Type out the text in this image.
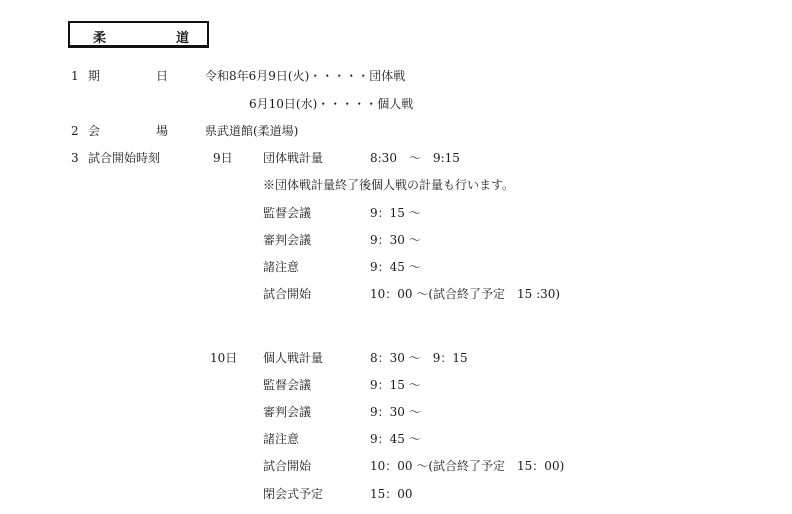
柔	道
1 期	日	令和8年6月9日(火)・・・・・団体戦
6月10日(水)・・・・・個人戦
2 会	場	県武道館(柔道場)
3 試合開始時刻	9日	団体戦計量	8:30　～　9:15
※団体戦計量終了後個人戦の計量も行います。
監督会議	9：15 ～
審判会議	9：30 ～
諸注意	9：45 ～
試合開始	10：00 ～(試合終了予定　15 :30)
10日 個人戦計量	8：30 ～　9：15
監督会議	9：15 ～
審判会議	9：30 ～
諸注意	9：45 ～
試合開始	10：00 ～(試合終了予定　15：00)
閉会式予定	15：00
